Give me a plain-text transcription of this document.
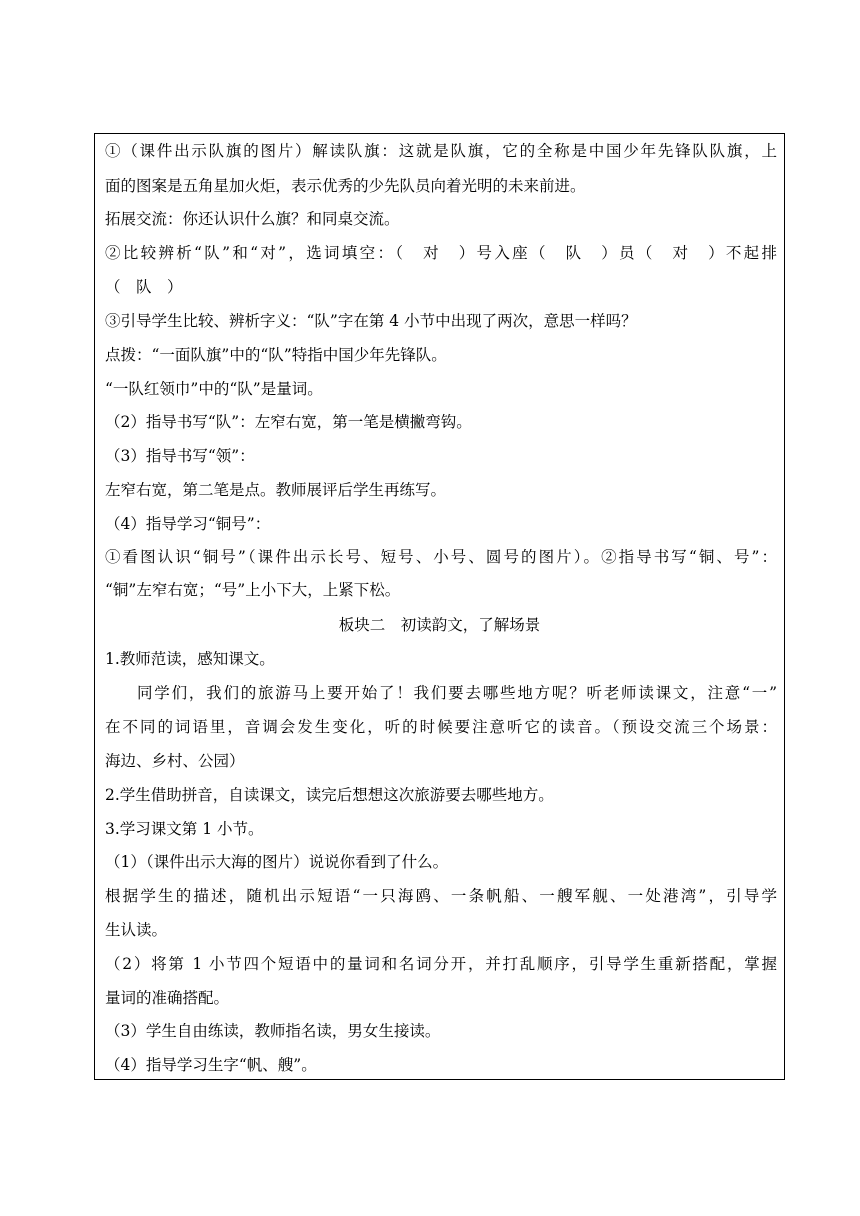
①（课件出示队旗的图片）解读队旗：这就是队旗，它的全称是中国少年先锋队队旗，上
面的图案是五角星加火炬，表示优秀的少先队员向着光明的未来前进。
拓展交流：你还认识什么旗？和同桌交流。
②比较辨析“队”和“对”，选词填空：（　对　）号入座（　队　）员（　对　）不起排
（　队　）
③引导学生比较、辨析字义：“队”字在第 4 小节中出现了两次，意思一样吗？
点拨：“一面队旗”中的“队”特指中国少年先锋队。
“一队红领巾”中的“队”是量词。
（2）指导书写“队”：左窄右宽，第一笔是横撇弯钩。
（3）指导书写“领”：
左窄右宽，第二笔是点。教师展评后学生再练写。
（4）指导学习“铜号”：
①看图认识“铜号”（课件出示长号、短号、小号、圆号的图片）。②指导书写“铜、号”：
“铜”左窄右宽；“号”上小下大，上紧下松。
板块二　初读韵文，了解场景
1.教师范读，感知课文。
同学们，我们的旅游马上要开始了！我们要去哪些地方呢？听老师读课文，注意“一”
在不同的词语里，音调会发生变化，听的时候要注意听它的读音。（预设交流三个场景：
海边、乡村、公园）
2.学生借助拼音，自读课文，读完后想想这次旅游要去哪些地方。
3.学习课文第 1 小节。
（1）（课件出示大海的图片）说说你看到了什么。
根据学生的描述，随机出示短语“一只海鸥、一条帆船、一艘军舰、一处港湾”，引导学
生认读。
（2）将第 1 小节四个短语中的量词和名词分开，并打乱顺序，引导学生重新搭配，掌握
量词的准确搭配。
（3）学生自由练读，教师指名读，男女生接读。
（4）指导学习生字“帆、艘”。
